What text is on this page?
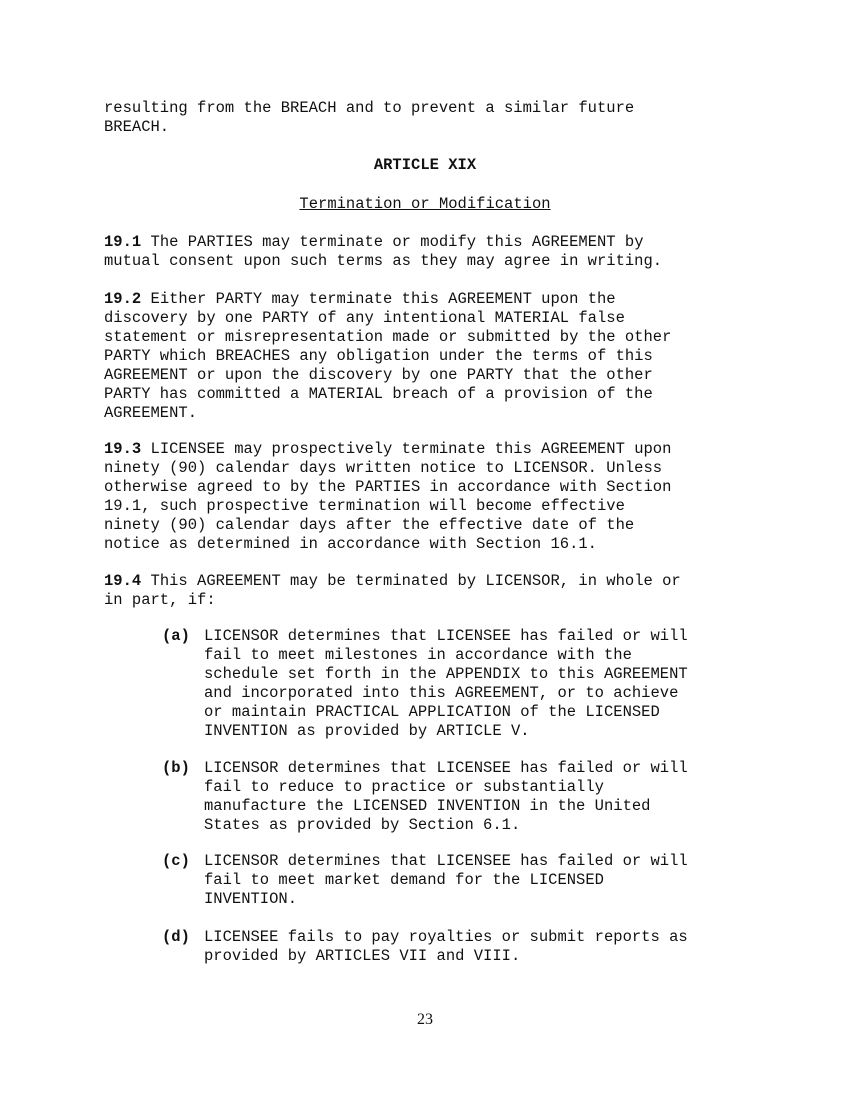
resulting from the BREACH and to prevent a similar future
BREACH.
ARTICLE XIX
Termination or Modification
19.1 The PARTIES may terminate or modify this AGREEMENT by
mutual consent upon such terms as they may agree in writing.
19.2 Either PARTY may terminate this AGREEMENT upon the
discovery by one PARTY of any intentional MATERIAL false
statement or misrepresentation made or submitted by the other
PARTY which BREACHES any obligation under the terms of this
AGREEMENT or upon the discovery by one PARTY that the other
PARTY has committed a MATERIAL breach of a provision of the
AGREEMENT.
19.3 LICENSEE may prospectively terminate this AGREEMENT upon
ninety (90) calendar days written notice to LICENSOR. Unless
otherwise agreed to by the PARTIES in accordance with Section
19.1, such prospective termination will become effective
ninety (90) calendar days after the effective date of the
notice as determined in accordance with Section 16.1.
19.4 This AGREEMENT may be terminated by LICENSOR, in whole or
in part, if:
(a) LICENSOR determines that LICENSEE has failed or will
fail to meet milestones in accordance with the
schedule set forth in the APPENDIX to this AGREEMENT
and incorporated into this AGREEMENT, or to achieve
or maintain PRACTICAL APPLICATION of the LICENSED
INVENTION as provided by ARTICLE V.
(b) LICENSOR determines that LICENSEE has failed or will
fail to reduce to practice or substantially
manufacture the LICENSED INVENTION in the United
States as provided by Section 6.1.
(c) LICENSOR determines that LICENSEE has failed or will
fail to meet market demand for the LICENSED
INVENTION.
(d) LICENSEE fails to pay royalties or submit reports as
provided by ARTICLES VII and VIII.
23
